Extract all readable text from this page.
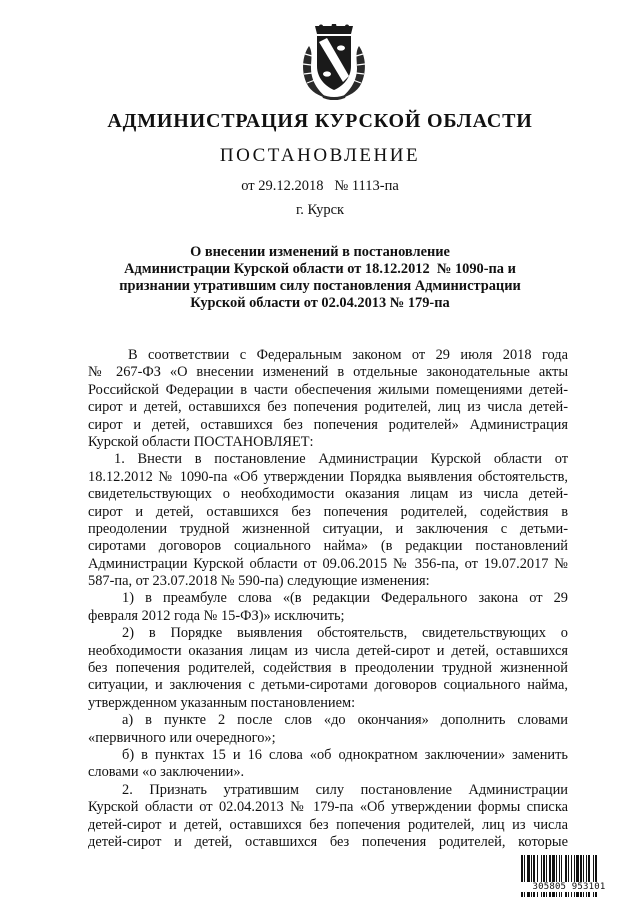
АДМИНИСТРАЦИЯ КУРСКОЙ ОБЛАСТИ
ПОСТАНОВЛЕНИЕ
от 29.12.2018   № 1113-па
г. Курск
О внесении изменений в постановление
Администрации Курской области от 18.12.2012  № 1090-па и
признании утратившим силу постановления Администрации
Курской области от 02.04.2013 № 179-па
В соответствии с Федеральным законом от 29 июля 2018 года
№ 267-ФЗ «О внесении изменений в отдельные законодательные акты
Российской Федерации в части обеспечения жилыми помещениями детей-
сирот и детей, оставшихся без попечения родителей, лиц из числа детей-
сирот и детей, оставшихся без попечения родителей» Администрация
Курской области ПОСТАНОВЛЯЕТ:
1. Внести в постановление Администрации Курской области от
18.12.2012 № 1090-па «Об утверждении Порядка выявления обстоятельств,
свидетельствующих о необходимости оказания лицам из числа детей-
сирот и детей, оставшихся без попечения родителей, содействия в
преодолении трудной жизненной ситуации, и заключения с детьми-
сиротами договоров социального найма» (в редакции постановлений
Администрации Курской области от 09.06.2015 № 356-па, от 19.07.2017 №
587-па, от 23.07.2018 № 590-па) следующие изменения:
1) в преамбуле слова «(в редакции Федерального закона от 29
февраля 2012 года № 15-ФЗ)» исключить;
2) в Порядке выявления обстоятельств, свидетельствующих о
необходимости оказания лицам из числа детей-сирот и детей, оставшихся
без попечения родителей, содействия в преодолении трудной жизненной
ситуации, и заключения с детьми-сиротами договоров социального найма,
утвержденном указанным постановлением:
а) в пункте 2 после слов «до окончания» дополнить словами
«первичного или очередного»;
б) в пунктах 15 и 16 слова «об однократном заключении» заменить
словами «о заключении».
2. Признать утратившим силу постановление Администрации
Курской области от 02.04.2013 № 179-па «Об утверждении формы списка
детей-сирот и детей, оставшихся без попечения родителей, лиц из числа
детей-сирот и детей, оставшихся без попечения родителей, которые
305805 953101
